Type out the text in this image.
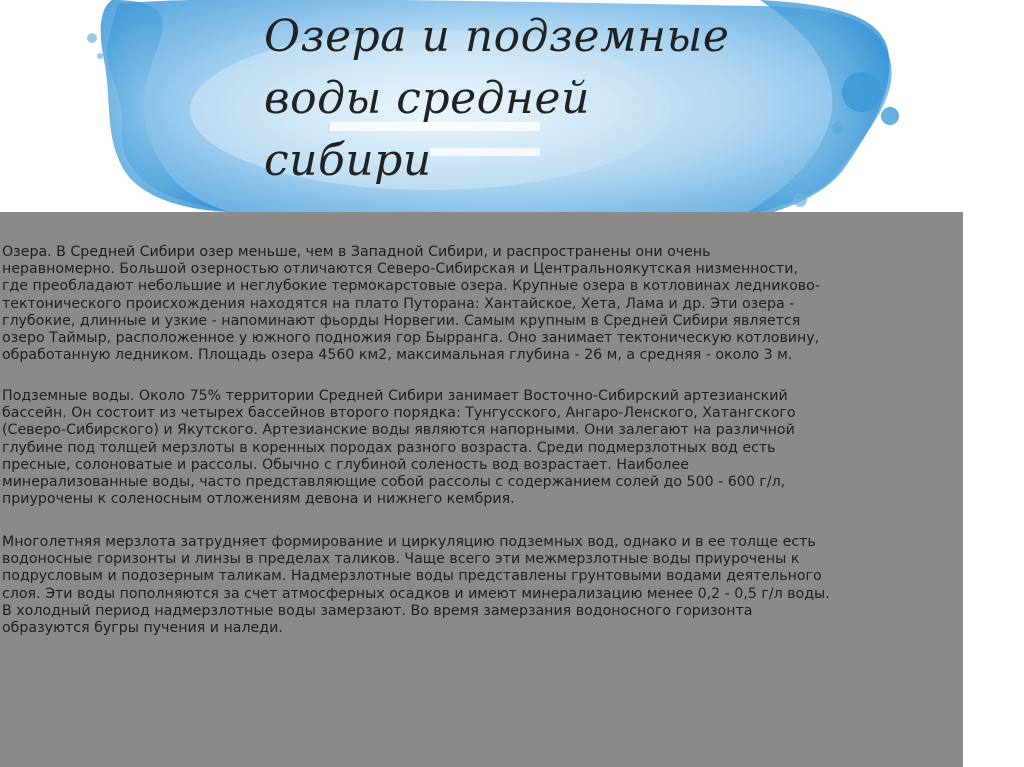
Озера и подземные
воды средней
сибири

Озера. В Средней Сибири озер меньше, чем в Западной Сибири, и распространены они очень
неравномерно. Большой озерностью отличаются Северо-Сибирская и Центральноякутская низменности,
где преобладают небольшие и неглубокие термокарстовые озера. Крупные озера в котловинах ледниково-
тектонического происхождения находятся на плато Путорана: Хантайское, Хета, Лама и др. Эти озера -
глубокие, длинные и узкие - напоминают фьорды Норвегии. Самым крупным в Средней Сибири является
озеро Таймыр, расположенное у южного подножия гор Бырранга. Оно занимает тектоническую котловину,
обработанную ледником. Площадь озера 4560 км2, максимальная глубина - 26 м, а средняя - около 3 м.

Подземные воды. Около 75% территории Средней Сибири занимает Восточно-Сибирский артезианский
бассейн. Он состоит из четырех бассейнов второго порядка: Тунгусского, Ангаро-Ленского, Хатангского
(Северо-Сибирского) и Якутского. Артезианские воды являются напорными. Они залегают на различной
глубине под толщей мерзлоты в коренных породах разного возраста. Среди подмерзлотных вод есть
пресные, солоноватые и рассолы. Обычно с глубиной соленость вод возрастает. Наиболее
минерализованные воды, часто представляющие собой рассолы с содержанием солей до 500 - 600 г/л,
приурочены к соленосным отложениям девона и нижнего кембрия.

Многолетняя мерзлота затрудняет формирование и циркуляцию подземных вод, однако и в ее толще есть
водоносные горизонты и линзы в пределах таликов. Чаще всего эти межмерзлотные воды приурочены к
подрусловым и подозерным таликам. Надмерзлотные воды представлены грунтовыми водами деятельного
слоя. Эти воды пополняются за счет атмосферных осадков и имеют минерализацию менее 0,2 - 0,5 г/л воды.
В холодный период надмерзлотные воды замерзают. Во время замерзания водоносного горизонта
образуются бугры пучения и наледи.
